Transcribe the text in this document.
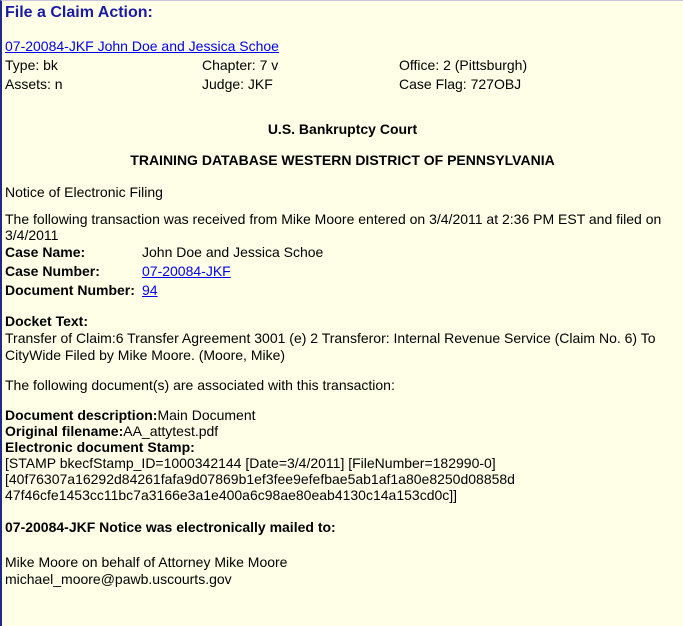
File a Claim Action:
07-20084-JKF John Doe and Jessica Schoe
Type: bk	Chapter: 7 v	Office: 2 (Pittsburgh)
Assets: n	Judge: JKF	Case Flag: 727OBJ
U.S. Bankruptcy Court
TRAINING DATABASE WESTERN DISTRICT OF PENNSYLVANIA
Notice of Electronic Filing
The following transaction was received from Mike Moore entered on 3/4/2011 at 2:36 PM EST and filed on 3/4/2011
Case Name:	John Doe and Jessica Schoe
Case Number:	07-20084-JKF
Document Number:	94
Docket Text:
Transfer of Claim:6 Transfer Agreement 3001 (e) 2 Transferor: Internal Revenue Service (Claim No. 6) To CityWide Filed by Mike Moore. (Moore, Mike)
The following document(s) are associated with this transaction:
Document description:Main Document
Original filename:AA_attytest.pdf
Electronic document Stamp:
[STAMP bkecfStamp_ID=1000342144 [Date=3/4/2011] [FileNumber=182990-0]
[40f76307a16292d84261fafa9d07869b1ef3fee9efefbae5ab1af1a80e8250d08858d
47f46cfe1453cc11bc7a3166e3a1e400a6c98ae80eab4130c14a153cd0c]]
07-20084-JKF Notice was electronically mailed to:
Mike Moore on behalf of Attorney Mike Moore
michael_moore@pawb.uscourts.gov
